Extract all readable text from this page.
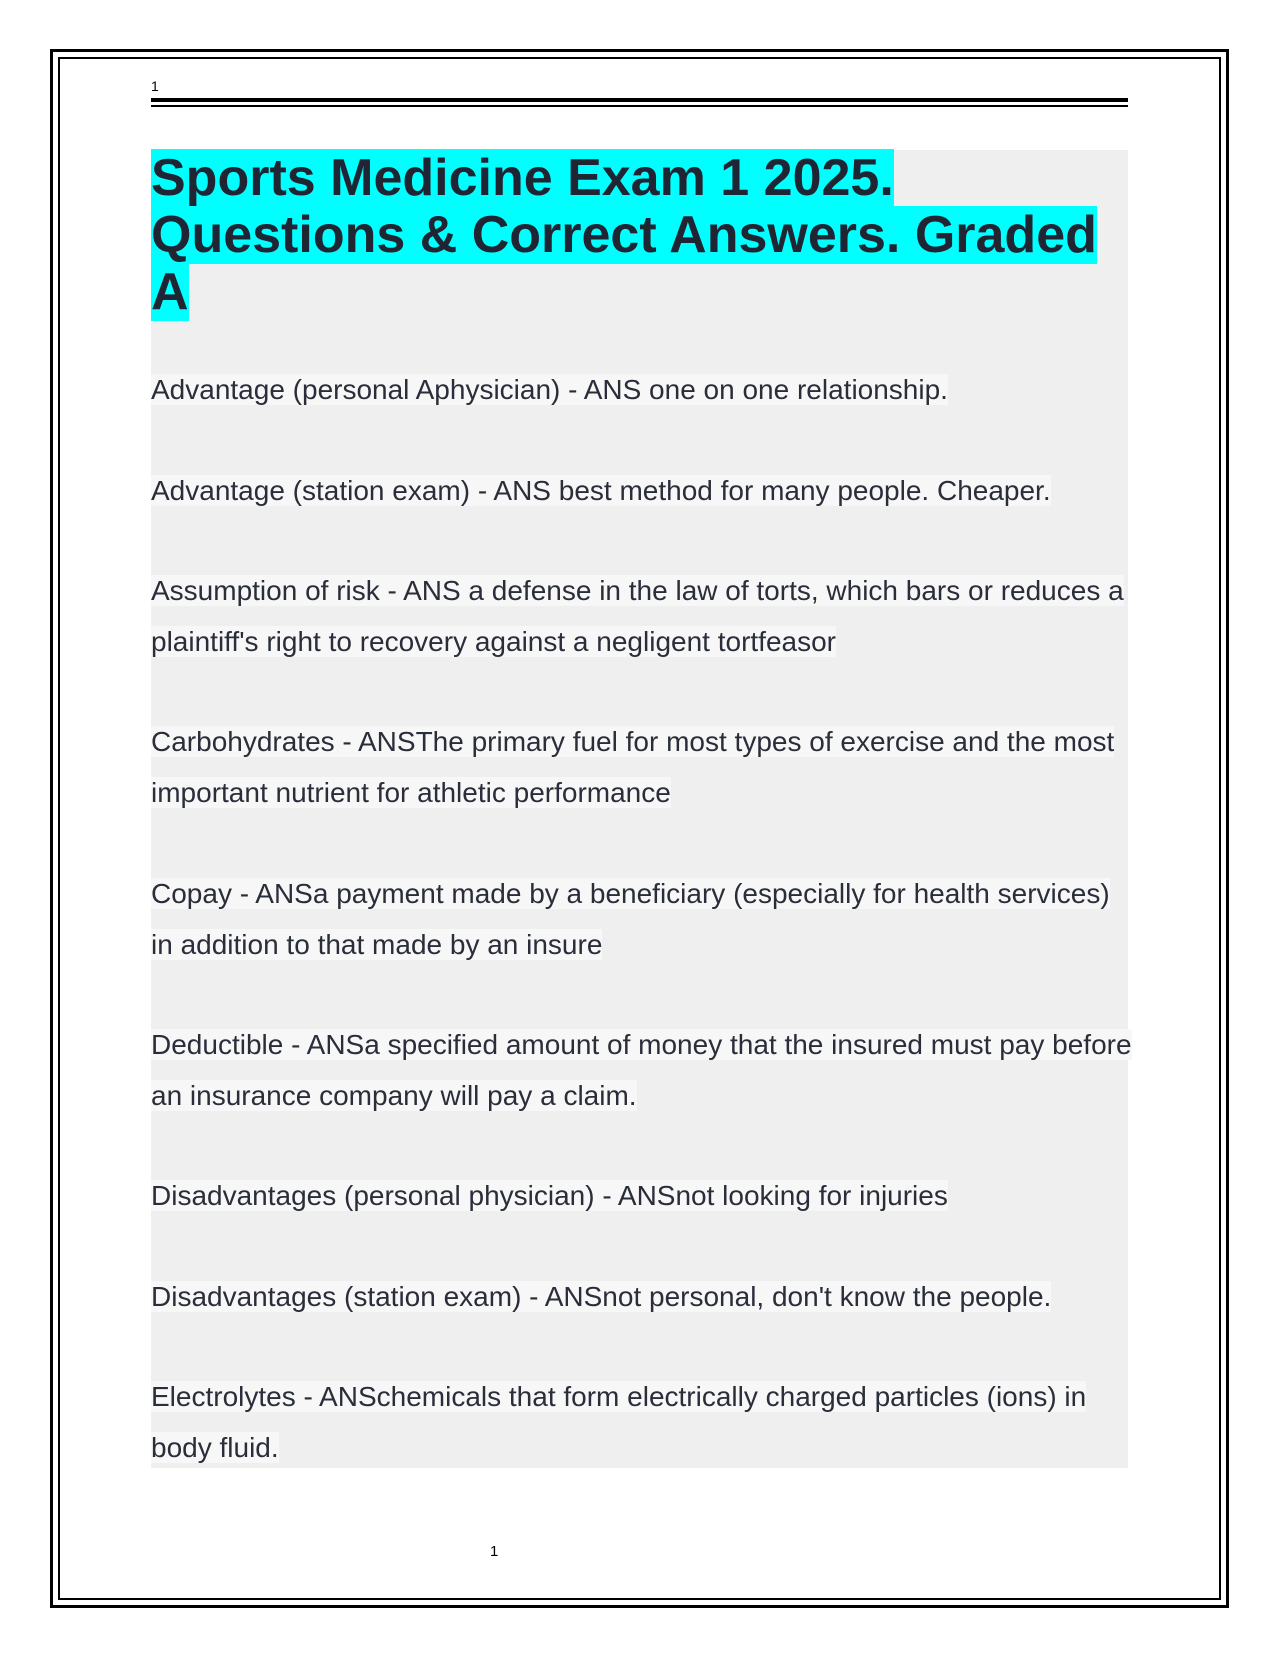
1
Sports Medicine Exam 1 2025. Questions & Correct Answers. Graded A

Advantage (personal Aphysician) - ANS one on one relationship.

Advantage (station exam) - ANS best method for many people. Cheaper.

Assumption of risk - ANS a defense in the law of torts, which bars or reduces a plaintiff's right to recovery against a negligent tortfeasor

Carbohydrates - ANSThe primary fuel for most types of exercise and the most important nutrient for athletic performance

Copay - ANSa payment made by a beneficiary (especially for health services) in addition to that made by an insure

Deductible - ANSa specified amount of money that the insured must pay before an insurance company will pay a claim.

Disadvantages (personal physician) - ANSnot looking for injuries

Disadvantages (station exam) - ANSnot personal, don't know the people.

Electrolytes - ANSchemicals that form electrically charged particles (ions) in body fluid.

1
